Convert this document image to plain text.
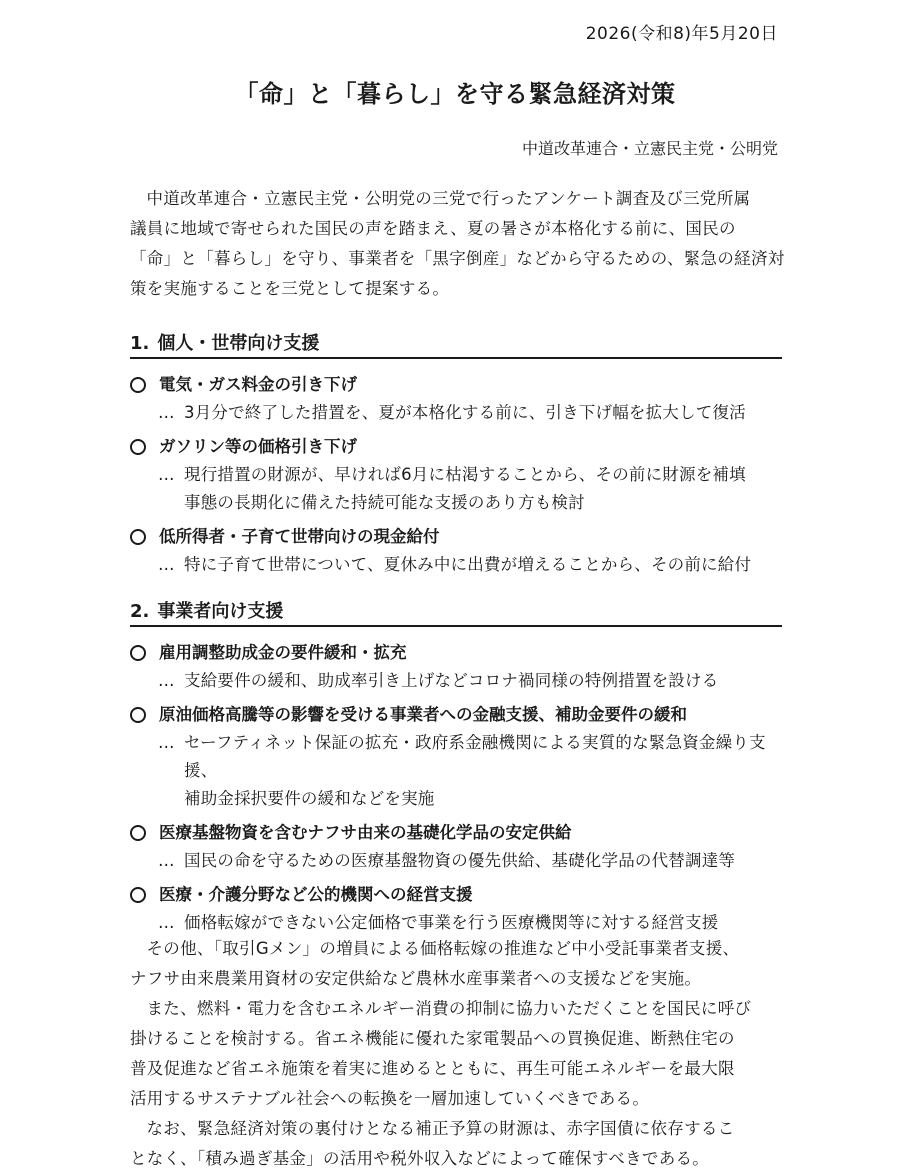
2026(令和8)年5月20日
「命」と「暮らし」を守る緊急経済対策
中道改革連合・立憲民主党・公明党

中道改革連合・立憲民主党・公明党の三党で行ったアンケート調査及び三党所属
議員に地域で寄せられた国民の声を踏まえ、夏の暑さが本格化する前に、国民の
「命」と「暮らし」を守り、事業者を「黒字倒産」などから守るための、緊急の経済対
策を実施することを三党として提案する。

1. 個人・世帯向け支援
電気・ガス料金の引き下げ
… 3月分で終了した措置を、夏が本格化する前に、引き下げ幅を拡大して復活
ガソリン等の価格引き下げ
… 現行措置の財源が、早ければ6月に枯渇することから、その前に財源を補填
事態の長期化に備えた持続可能な支援のあり方も検討
低所得者・子育て世帯向けの現金給付
… 特に子育て世帯について、夏休み中に出費が増えることから、その前に給付
2. 事業者向け支援
雇用調整助成金の要件緩和・拡充
… 支給要件の緩和、助成率引き上げなどコロナ禍同様の特例措置を設ける
原油価格高騰等の影響を受ける事業者への金融支援、補助金要件の緩和
… セーフティネット保証の拡充・政府系金融機関による実質的な緊急資金繰り支援、
補助金採択要件の緩和などを実施
医療基盤物資を含むナフサ由来の基礎化学品の安定供給
… 国民の命を守るための医療基盤物資の優先供給、基礎化学品の代替調達等
医療・介護分野など公的機関への経営支援
… 価格転嫁ができない公定価格で事業を行う医療機関等に対する経営支援

その他、「取引Gメン」の増員による価格転嫁の推進など中小受託事業者支援、
ナフサ由来農業用資材の安定供給など農林水産事業者への支援などを実施。

また、燃料・電力を含むエネルギー消費の抑制に協力いただくことを国民に呼び
掛けることを検討する。省エネ機能に優れた家電製品への買換促進、断熱住宅の
普及促進など省エネ施策を着実に進めるとともに、再生可能エネルギーを最大限
活用するサステナブル社会への転換を一層加速していくべきである。

なお、緊急経済対策の裏付けとなる補正予算の財源は、赤字国債に依存するこ
となく、「積み過ぎ基金」の活用や税外収入などによって確保すべきである。
